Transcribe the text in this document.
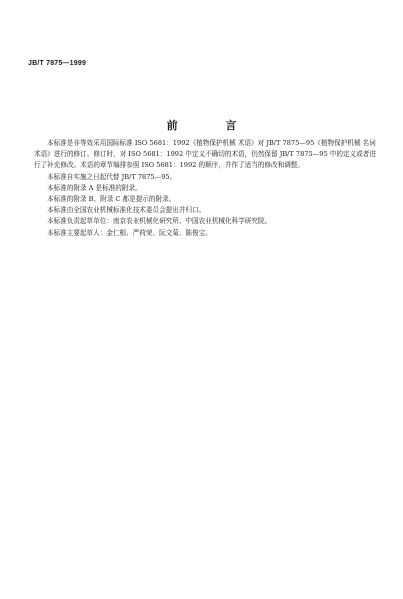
JB/T 7875—1999
前 言

本标准是非等效采用国际标准 ISO 5681：1992《植物保护机械 术语》对 JB/T 7875—95《植物保护机械 名词术语》进行的修订。修订时，对 ISO 5681：1992 中定义不确切的术语，仍然保留 JB/T 7875—95 中的定义或者进行了补充修改。术语的章节编排参照 ISO 5681：1992 的顺序，并作了适当的修改和调整。

本标准自实施之日起代替 JB/T 7875—95。

本标准的附录 A 是标准的附录。

本标准的附录 B、附录 C 都是提示的附录。

本标准由全国农业机械标准化技术委员会提出并归口。

本标准负责起草单位：南京农业机械化研究所、中国农业机械化科学研究院。

本标准主要起草人：金仁根、严荷荣、阮文菊、陈俊宝。
